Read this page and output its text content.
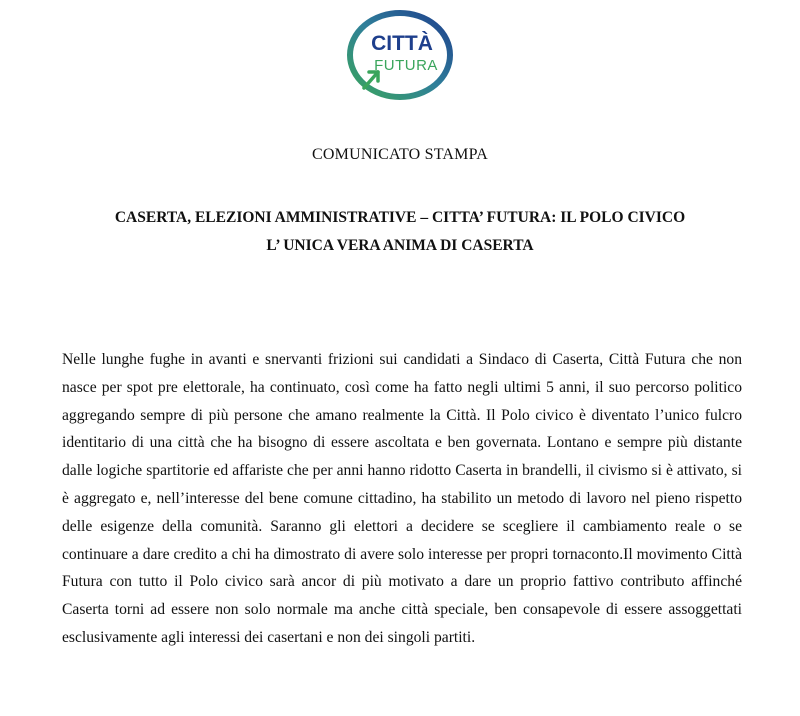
CITTÀ
FUTURA
COMUNICATO STAMPA
CASERTA, ELEZIONI AMMINISTRATIVE – CITTA’ FUTURA: IL POLO CIVICO
L’ UNICA VERA ANIMA DI CASERTA
Nelle lunghe fughe in avanti e snervanti frizioni sui candidati a Sindaco di Caserta, Città Futura che non nasce per spot pre elettorale, ha continuato, così come ha fatto negli ultimi 5 anni, il suo percorso politico aggregando sempre di più persone che amano realmente la Città. Il Polo civico è diventato l’unico fulcro identitario di una città che ha bisogno di essere ascoltata e ben governata. Lontano e sempre più distante dalle logiche spartitorie ed affariste che per anni hanno ridotto Caserta in brandelli, il civismo si è attivato, si è aggregato e, nell’interesse del bene comune cittadino, ha stabilito un metodo di lavoro nel pieno rispetto delle esigenze della comunità. Saranno gli elettori a decidere se scegliere il cambiamento reale o se continuare a dare credito a chi ha dimostrato di avere solo interesse per propri tornaconto.Il movimento Città Futura con tutto il Polo civico sarà ancor di più motivato a dare un proprio fattivo contributo affinché Caserta torni ad essere non solo normale ma anche città speciale, ben consapevole di essere assoggettati esclusivamente agli interessi dei casertani e non dei singoli partiti.
